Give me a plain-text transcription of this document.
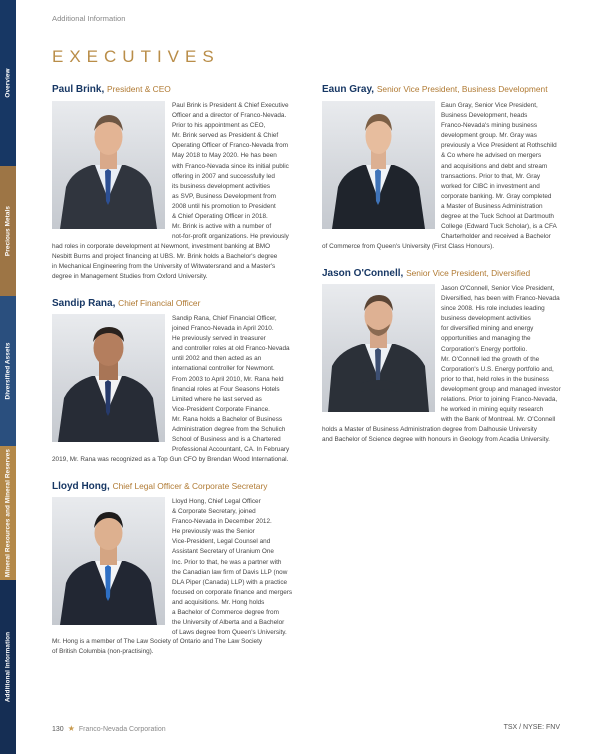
Overview
Precious Metals
Diversified Assets
Mineral Resources and Mineral Reserves
Additional Information
Additional Information
EXECUTIVES
Paul Brink, President & CEO
Paul Brink is President & Chief Executive
Officer and a director of Franco-Nevada.
Prior to his appointment as CEO,
Mr. Brink served as President & Chief
Operating Officer of Franco-Nevada from
May 2018 to May 2020. He has been
with Franco-Nevada since its initial public
offering in 2007 and successfully led
its business development activities
as SVP, Business Development from
2008 until his promotion to President
& Chief Operating Officer in 2018.
Mr. Brink is active with a number of
not-for-profit organizations. He previously
had roles in corporate development at Newmont, investment banking at BMO
Nesbitt Burns and project financing at UBS. Mr. Brink holds a Bachelor's degree
in Mechanical Engineering from the University of Witwatersrand and a Master's
degree in Management Studies from Oxford University.
Sandip Rana, Chief Financial Officer
Sandip Rana, Chief Financial Officer,
joined Franco-Nevada in April 2010.
He previously served in treasurer
and controller roles at old Franco-Nevada
until 2002 and then acted as an
international controller for Newmont.
From 2003 to April 2010, Mr. Rana held
financial roles at Four Seasons Hotels
Limited where he last served as
Vice-President Corporate Finance.
Mr. Rana holds a Bachelor of Business
Administration degree from the Schulich
School of Business and is a Chartered
Professional Accountant, CA. In February
2019, Mr. Rana was recognized as a Top Gun CFO by Brendan Wood International.
Lloyd Hong, Chief Legal Officer & Corporate Secretary
Lloyd Hong, Chief Legal Officer
& Corporate Secretary, joined
Franco-Nevada in December 2012.
He previously was the Senior
Vice-President, Legal Counsel and
Assistant Secretary of Uranium One
Inc. Prior to that, he was a partner with
the Canadian law firm of Davis LLP (now
DLA Piper (Canada) LLP) with a practice
focused on corporate finance and mergers
and acquisitions. Mr. Hong holds
a Bachelor of Commerce degree from
the University of Alberta and a Bachelor
of Laws degree from Queen's University.
Mr. Hong is a member of The Law Society of Ontario and The Law Society
of British Columbia (non-practising).
Eaun Gray, Senior Vice President, Business Development
Eaun Gray, Senior Vice President,
Business Development, heads
Franco-Nevada's mining business
development group. Mr. Gray was
previously a Vice President at Rothschild
& Co where he advised on mergers
and acquisitions and debt and stream
transactions. Prior to that, Mr. Gray
worked for CIBC in investment and
corporate banking. Mr. Gray completed
a Master of Business Administration
degree at the Tuck School at Dartmouth
College (Edward Tuck Scholar), is a CFA
Charterholder and received a Bachelor
of Commerce from Queen's University (First Class Honours).
Jason O'Connell, Senior Vice President, Diversified
Jason O'Connell, Senior Vice President,
Diversified, has been with Franco-Nevada
since 2008. His role includes leading
business development activities
for diversified mining and energy
opportunities and managing the
Corporation's Energy portfolio.
Mr. O'Connell led the growth of the
Corporation's U.S. Energy portfolio and,
prior to that, held roles in the business
development group and managed investor
relations. Prior to joining Franco-Nevada,
he worked in mining equity research
with the Bank of Montreal. Mr. O'Connell
holds a Master of Business Administration degree from Dalhousie University
and Bachelor of Science degree with honours in Geology from Acadia University.
130 ★ Franco-Nevada Corporation	TSX / NYSE: FNV
